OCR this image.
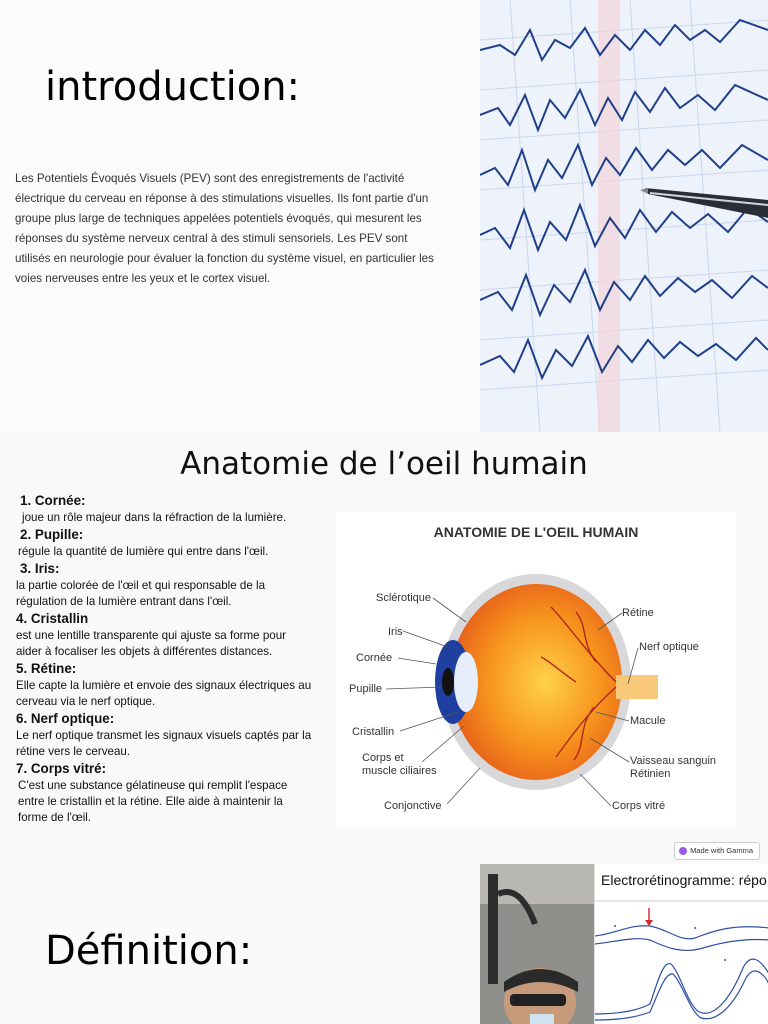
introduction:

Les Potentiels Évoqués Visuels (PEV) sont des enregistrements de l'activité électrique du cerveau en réponse à des stimulations visuelles. Ils font partie d'un groupe plus large de techniques appelées potentiels évoqués, qui mesurent les réponses du système nerveux central à des stimuli sensoriels. Les PEV sont utilisés en neurologie pour évaluer la fonction du système visuel, en particulier les voies nerveuses entre les yeux et le cortex visuel.

Anatomie de l’oeil humain
1. Cornée:
joue un rôle majeur dans la réfraction de la lumière.
2. Pupille:
régule la quantité de lumière qui entre dans l'œil.
3. Iris:
la partie colorée de l'œil et qui responsable de la régulation de la lumière entrant dans l'œil.
4. Cristallin
est une lentille transparente qui ajuste sa forme pour aider à focaliser les objets à différentes distances.
5. Rétine:
Elle capte la lumière et envoie des signaux électriques au cerveau via le nerf optique.
6. Nerf optique:
Le nerf optique transmet les signaux visuels captés par la rétine vers le cerveau.
7. Corps vitré:
C'est une substance gélatineuse qui remplit l'espace entre le cristallin et la rétine. Elle aide à maintenir la forme de l'œil.
ANATOMIE DE L'OEIL HUMAIN
Sclérotique
Iris
Cornée
Pupille
Cristallin
Corps et
muscle ciliaires
Conjonctive
Rétine
Nerf optique
Macule
Vaisseau sanguin
Rétinien
Corps vitré
Made with Gamma
Définition:
Electrorétinogramme: répo
